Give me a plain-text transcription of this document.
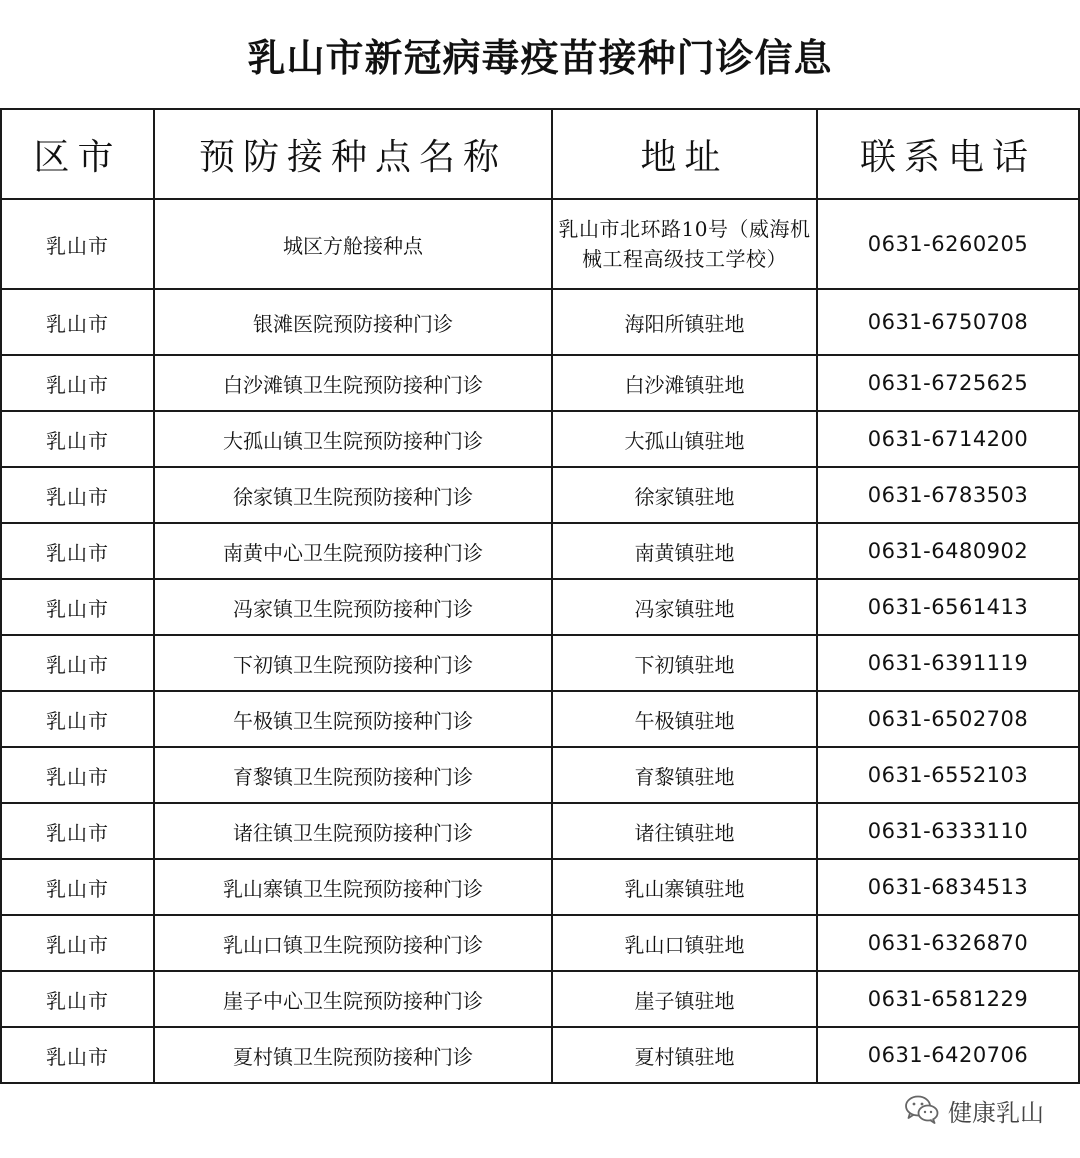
乳山市新冠病毒疫苗接种门诊信息
区市	预防接种点名称	地址	联系电话
乳山市	城区方舱接种点	乳山市北环路10号（威海机械工程高级技工学校）	0631-6260205
乳山市	银滩医院预防接种门诊	海阳所镇驻地	0631-6750708
乳山市	白沙滩镇卫生院预防接种门诊	白沙滩镇驻地	0631-6725625
乳山市	大孤山镇卫生院预防接种门诊	大孤山镇驻地	0631-6714200
乳山市	徐家镇卫生院预防接种门诊	徐家镇驻地	0631-6783503
乳山市	南黄中心卫生院预防接种门诊	南黄镇驻地	0631-6480902
乳山市	冯家镇卫生院预防接种门诊	冯家镇驻地	0631-6561413
乳山市	下初镇卫生院预防接种门诊	下初镇驻地	0631-6391119
乳山市	午极镇卫生院预防接种门诊	午极镇驻地	0631-6502708
乳山市	育黎镇卫生院预防接种门诊	育黎镇驻地	0631-6552103
乳山市	诸往镇卫生院预防接种门诊	诸往镇驻地	0631-6333110
乳山市	乳山寨镇卫生院预防接种门诊	乳山寨镇驻地	0631-6834513
乳山市	乳山口镇卫生院预防接种门诊	乳山口镇驻地	0631-6326870
乳山市	崖子中心卫生院预防接种门诊	崖子镇驻地	0631-6581229
乳山市	夏村镇卫生院预防接种门诊	夏村镇驻地	0631-6420706
健康乳山
